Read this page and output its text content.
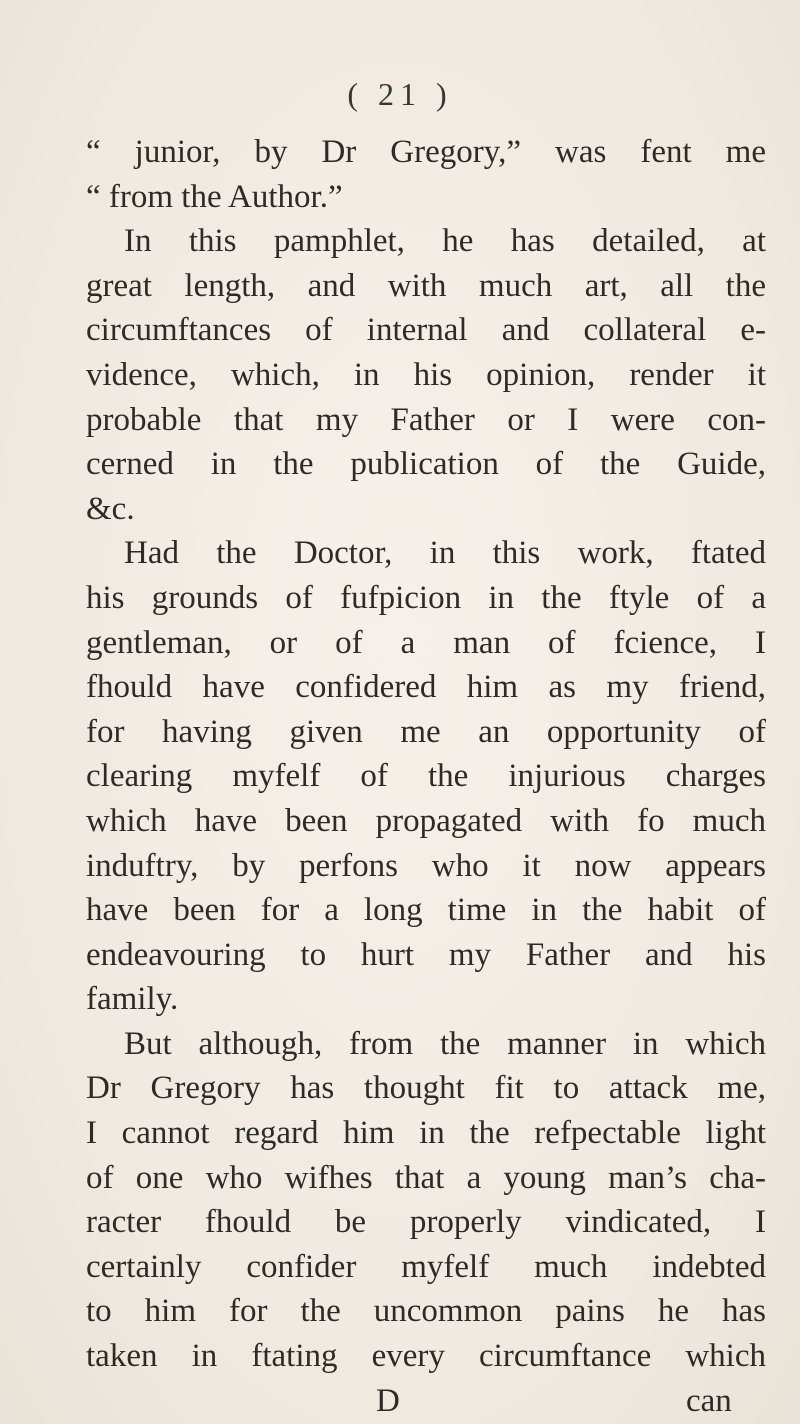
( 21 )
“ junior, by Dr Gregory,” was fent me
“ from the Author.”
In this pamphlet, he has detailed, at
great length, and with much art, all the
circumftances of internal and collateral e-
vidence, which, in his opinion, render it
probable that my Father or I were con-
cerned in the publication of the Guide,
&c.
Had the Doctor, in this work, ftated
his grounds of fufpicion in the ftyle of a
gentleman, or of a man of fcience, I
fhould have confidered him as my friend,
for having given me an opportunity of
clearing myfelf of the injurious charges
which have been propagated with fo much
induftry, by perfons who it now appears
have been for a long time in the habit of
endeavouring to hurt my Father and his
family.
But although, from the manner in which
Dr Gregory has thought fit to attack me,
I cannot regard him in the refpectable light
of one who wifhes that a young man’s cha-
racter fhould be properly vindicated, I
certainly confider myfelf much indebted
to him for the uncommon pains he has
taken in ftating every circumftance which
D	can
